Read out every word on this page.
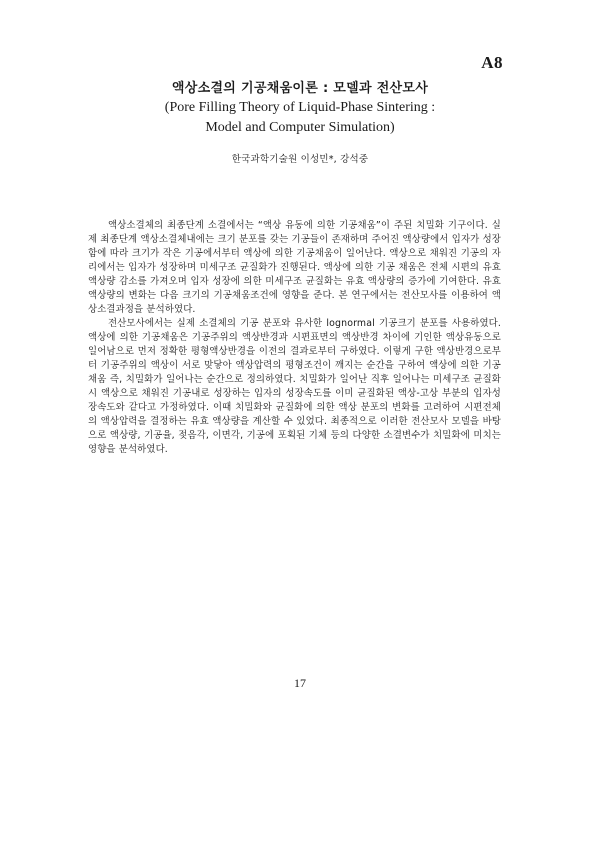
A8
액상소결의 기공채움이론 : 모델과 전산모사
(Pore Filling Theory of Liquid-Phase Sintering :
Model and Computer Simulation)
한국과학기술원 이성민*, 강석중

액상소결체의 최종단계 소결에서는 “액상 유동에 의한 기공채움”이 주된 치밀화 기구이다. 실제 최종단계 액상소결체내에는 크기 분포를 갖는 기공들이 존재하며 주어진 액상량에서 입자가 성장함에 따라 크기가 작은 기공에서부터 액상에 의한 기공채움이 일어난다. 액상으로 채워진 기공의 자리에서는 입자가 성장하며 미세구조 균질화가 진행된다. 액상에 의한 기공 채움은 전체 시편의 유효 액상량 감소를 가져오며 입자 성장에 의한 미세구조 균질화는 유효 액상량의 증가에 기여한다. 유효 액상량의 변화는 다음 크기의 기공채움조건에 영향을 준다. 본 연구에서는 전산모사를 이용하여 액상소결과정을 분석하였다.

전산모사에서는 실제 소결체의 기공 분포와 유사한 lognormal 기공크기 분포를 사용하였다. 액상에 의한 기공채움은 기공주위의 액상반경과 시편표면의 액상반경 차이에 기인한 액상유동으로 일어남으로 먼저 정확한 평형액상반경을 이전의 결과로부터 구하였다. 이렇게 구한 액상반경으로부터 기공주위의 액상이 서로 맞닿아 액상압력의 평형조건이 깨지는 순간을 구하여 액상에 의한 기공채움 즉, 치밀화가 일어나는 순간으로 정의하였다. 치밀화가 일어난 직후 일어나는 미세구조 균질화시 액상으로 채워진 기공내로 성장하는 입자의 성장속도를 이미 균질화된 액상-고상 부분의 입자성장속도와 같다고 가정하였다. 이때 치밀화와 균질화에 의한 액상 분포의 변화를 고려하여 시편전체의 액상압력을 결정하는 유효 액상량을 계산할 수 있었다. 최종적으로 이러한 전산모사 모델을 바탕으로 액상량, 기공율, 젖음각, 이면각, 기공에 포획된 기체 등의 다양한 소결변수가 치밀화에 미치는 영향을 분석하였다.

17
